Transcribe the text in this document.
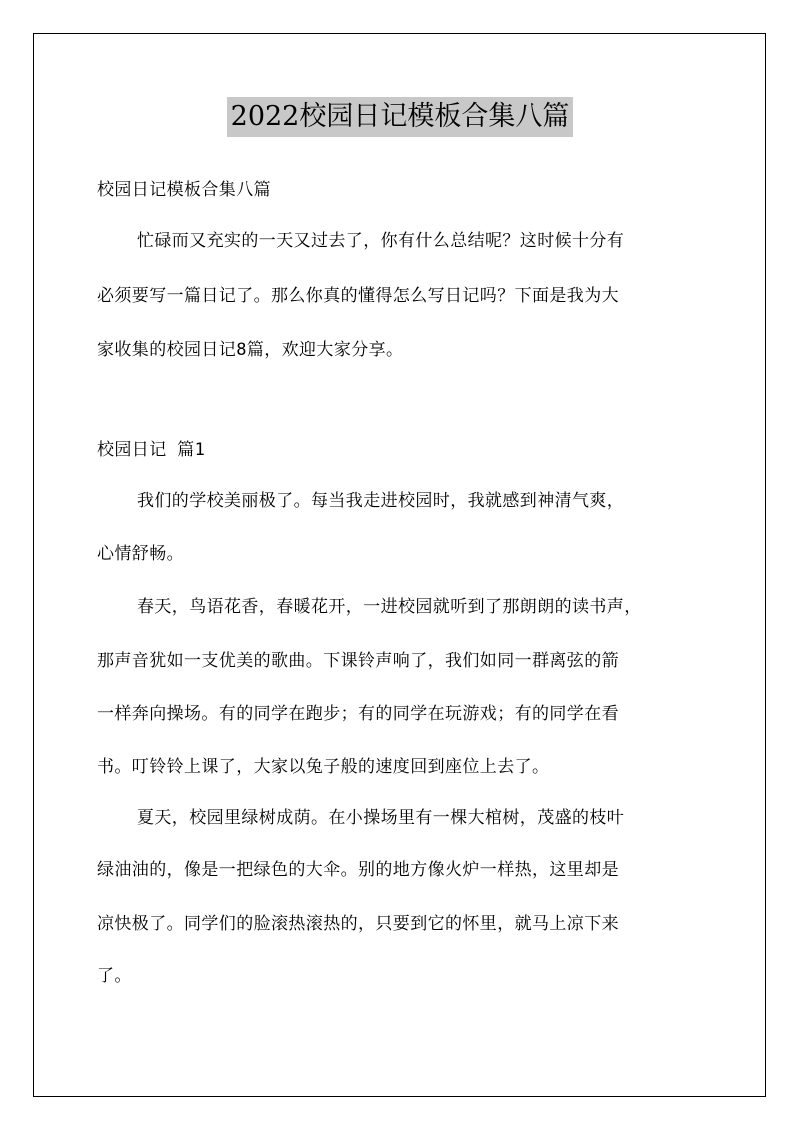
2022校园日记模板合集八篇
校园日记模板合集八篇
忙碌而又充实的一天又过去了，你有什么总结呢？这时候十分有
必须要写一篇日记了。那么你真的懂得怎么写日记吗？下面是我为大
家收集的校园日记8篇，欢迎大家分享。
校园日记 篇1
我们的学校美丽极了。每当我走进校园时，我就感到神清气爽，
心情舒畅。
春天，鸟语花香，春暖花开，一进校园就听到了那朗朗的读书声，
那声音犹如一支优美的歌曲。下课铃声响了，我们如同一群离弦的箭
一样奔向操场。有的同学在跑步；有的同学在玩游戏；有的同学在看
书。叮铃铃上课了，大家以兔子般的速度回到座位上去了。
夏天，校园里绿树成荫。在小操场里有一棵大棺树，茂盛的枝叶
绿油油的，像是一把绿色的大伞。别的地方像火炉一样热，这里却是
凉快极了。同学们的脸滚热滚热的，只要到它的怀里，就马上凉下来
了。
